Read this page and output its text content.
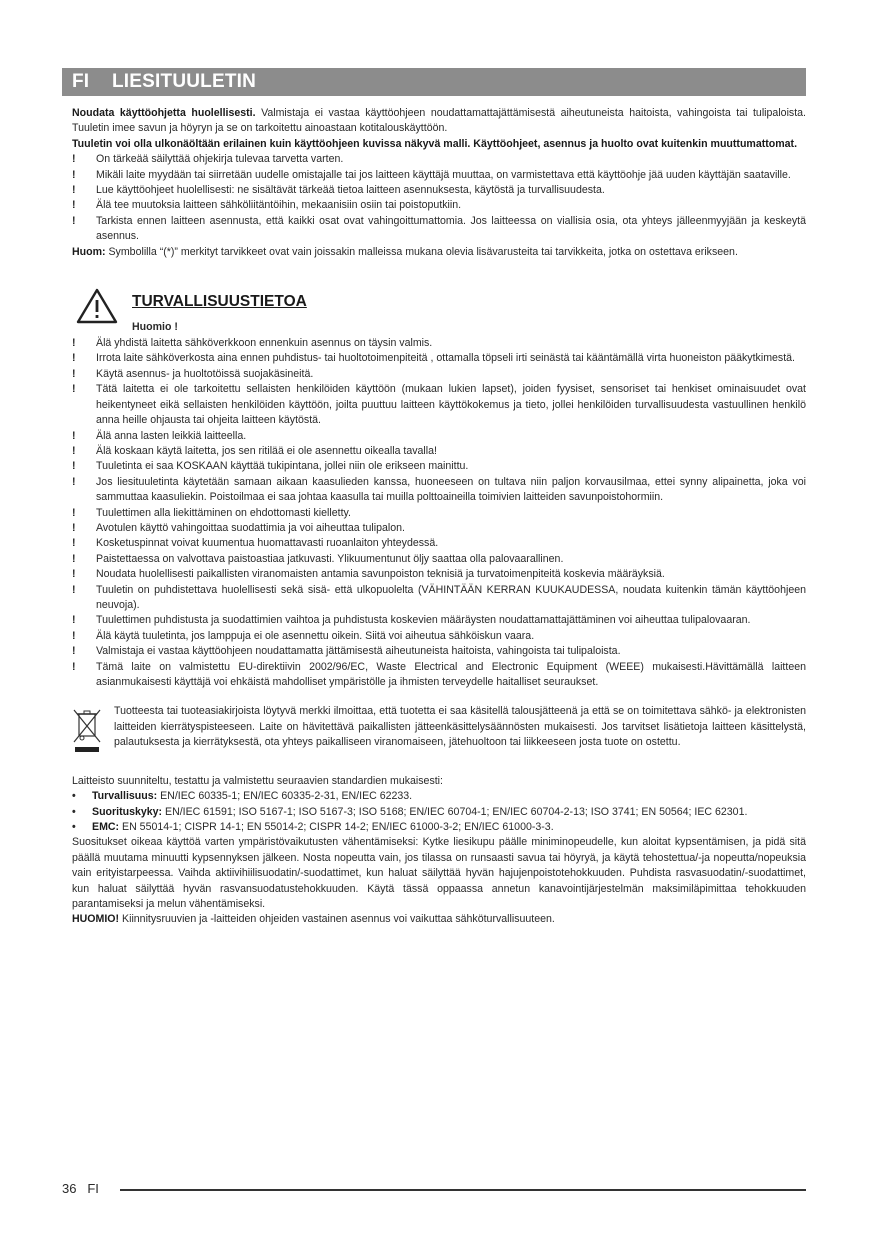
FI	LIESITUULETIN

Noudata käyttöohjetta huolellisesti. Valmistaja ei vastaa käyttöohjeen noudattamattajättämisestä aiheutuneista haitoista, vahingoista tai tulipaloista. Tuuletin imee savun ja höyryn ja se on tarkoitettu ainoastaan kotitalouskäyttöön.

Tuuletin voi olla ulkonäöltään erilainen kuin käyttöohjeen kuvissa näkyvä malli. Käyttöohjeet, asennus ja huolto ovat kuitenkin muuttumattomat.

!	On tärkeää säilyttää ohjekirja tulevaa tarvetta varten.
!	Mikäli laite myydään tai siirretään uudelle omistajalle tai jos laitteen käyttäjä muuttaa, on varmistettava että käyttöohje jää uuden käyttäjän saataville.
!	Lue käyttöohjeet huolellisesti: ne sisältävät tärkeää tietoa laitteen asennuksesta, käytöstä ja turvallisuudesta.
!	Älä tee muutoksia laitteen sähköliitäntöihin, mekaanisiin osiin tai poistoputkiin.
!	Tarkista ennen laitteen asennusta, että kaikki osat ovat vahingoittumattomia. Jos laitteessa on viallisia osia, ota yhteys jälleenmyyjään ja keskeytä asennus.

Huom: Symbolilla “(*)” merkityt tarvikkeet ovat vain joissakin malleissa mukana olevia lisävarusteita tai tarvikkeita, jotka on ostettava erikseen.

TURVALLISUUSTIETOA
Huomio !
!	Älä yhdistä laitetta sähköverkkoon ennenkuin asennus on täysin valmis.
!	Irrota laite sähköverkosta aina ennen puhdistus- tai huoltotoimenpiteitä , ottamalla töpseli irti seinästä tai kääntämällä virta huoneiston pääkytkimestä.
!	Käytä asennus- ja huoltotöissä suojakäsineitä.
!	Tätä laitetta ei ole tarkoitettu sellaisten henkilöiden käyttöön (mukaan lukien lapset), joiden fyysiset, sensoriset tai henkiset ominaisuudet ovat heikentyneet eikä sellaisten henkilöiden käyttöön, joilta puuttuu laitteen käyttökokemus ja tieto, jollei henkilöiden turvallisuudesta vastuullinen henkilö anna heille ohjausta tai ohjeita laitteen käytöstä.
!	Älä anna lasten leikkiä laitteella.
!	Älä koskaan käytä laitetta, jos sen ritilää ei ole asennettu oikealla tavalla!
!	Tuuletinta ei saa KOSKAAN käyttää tukipintana, jollei niin ole erikseen mainittu.
!	Jos liesituuletinta käytetään samaan aikaan kaasulieden kanssa, huoneeseen on tultava niin paljon korvausilmaa, ettei synny alipainetta, joka voi sammuttaa kaasuliekin. Poistoilmaa ei saa johtaa kaasulla tai muilla polttoaineilla toimivien laitteiden savunpoistohormiin.
!	Tuulettimen alla liekittäminen on ehdottomasti kielletty.
!	Avotulen käyttö vahingoittaa suodattimia ja voi aiheuttaa tulipalon.
!	Kosketuspinnat voivat kuumentua huomattavasti ruoanlaiton yhteydessä.
!	Paistettaessa on valvottava paistoastiaa jatkuvasti. Ylikuumentunut öljy saattaa olla palovaarallinen.
!	Noudata huolellisesti paikallisten viranomaisten antamia savunpoiston teknisiä ja turvatoimenpiteitä koskevia määräyksiä.
!	Tuuletin on puhdistettava huolellisesti sekä sisä- että ulkopuolelta (VÄHINTÄÄN KERRAN KUUKAUDESSA, noudata kuitenkin tämän käyttöohjeen neuvoja).
!	Tuulettimen puhdistusta ja suodattimien vaihtoa ja puhdistusta koskevien määräysten noudattamattajättäminen voi aiheuttaa tulipalovaaran.
!	Älä käytä tuuletinta, jos lamppuja ei ole asennettu oikein. Siitä voi aiheutua sähköiskun vaara.
!	Valmistaja ei vastaa käyttöohjeen noudattamatta jättämisestä aiheutuneista haitoista, vahingoista tai tulipaloista.
!	Tämä laite on valmistettu EU-direktiivin 2002/96/EC, Waste Electrical and Electronic Equipment (WEEE) mukaisesti.Hävittämällä laitteen asianmukaisesti käyttäjä voi ehkäistä mahdolliset ympäristölle ja ihmisten terveydelle haitalliset seuraukset.
Tuotteesta tai tuoteasiakirjoista löytyvä merkki ilmoittaa, että tuotetta ei saa käsitellä talousjätteenä ja että se on toimitettava sähkö- ja elektronisten laitteiden kierrätyspisteeseen. Laite on hävitettävä paikallisten jätteenkäsittelysäännösten mukaisesti. Jos tarvitset lisätietoja laitteen käsittelystä, palautuksesta ja kierrätyksestä, ota yhteys paikalliseen viranomaiseen, jätehuoltoon tai liikkeeseen josta tuote on ostettu.

Laitteisto suunniteltu, testattu ja valmistettu seuraavien standardien mukaisesti:

•	Turvallisuus: EN/IEC 60335-1; EN/IEC 60335-2-31, EN/IEC 62233.
•	Suorituskyky: EN/IEC 61591; ISO 5167-1; ISO 5167-3; ISO 5168; EN/IEC 60704-1; EN/IEC 60704-2-13; ISO 3741; EN 50564; IEC 62301.
•	EMC: EN 55014-1; CISPR 14-1; EN 55014-2; CISPR 14-2; EN/IEC 61000-3-2; EN/IEC 61000-3-3.

Suositukset oikeaa käyttöä varten ympäristövaikutusten vähentämiseksi: Kytke liesikupu päälle miniminopeudelle, kun aloitat kypsentämisen, ja pidä sitä päällä muutama minuutti kypsennyksen jälkeen. Nosta nopeutta vain, jos tilassa on runsaasti savua tai höyryä, ja käytä tehostettua/-ja nopeutta/nopeuksia vain erityistarpeessa. Vaihda aktiivihiilisuodatin/-suodattimet, kun haluat säilyttää hyvän hajujenpoistotehokkuuden. Puhdista rasvasuodatin/-suodattimet, kun haluat säilyttää hyvän rasvansuodatustehokkuuden. Käytä tässä oppaassa annetun kanavointijärjestelmän maksimiläpimittaa tehokkuuden parantamiseksi ja melun vähentämiseksi.

HUOMIO! Kiinnitysruuvien ja -laitteiden ohjeiden vastainen asennus voi vaikuttaa sähköturvallisuuteen.

36 FI
